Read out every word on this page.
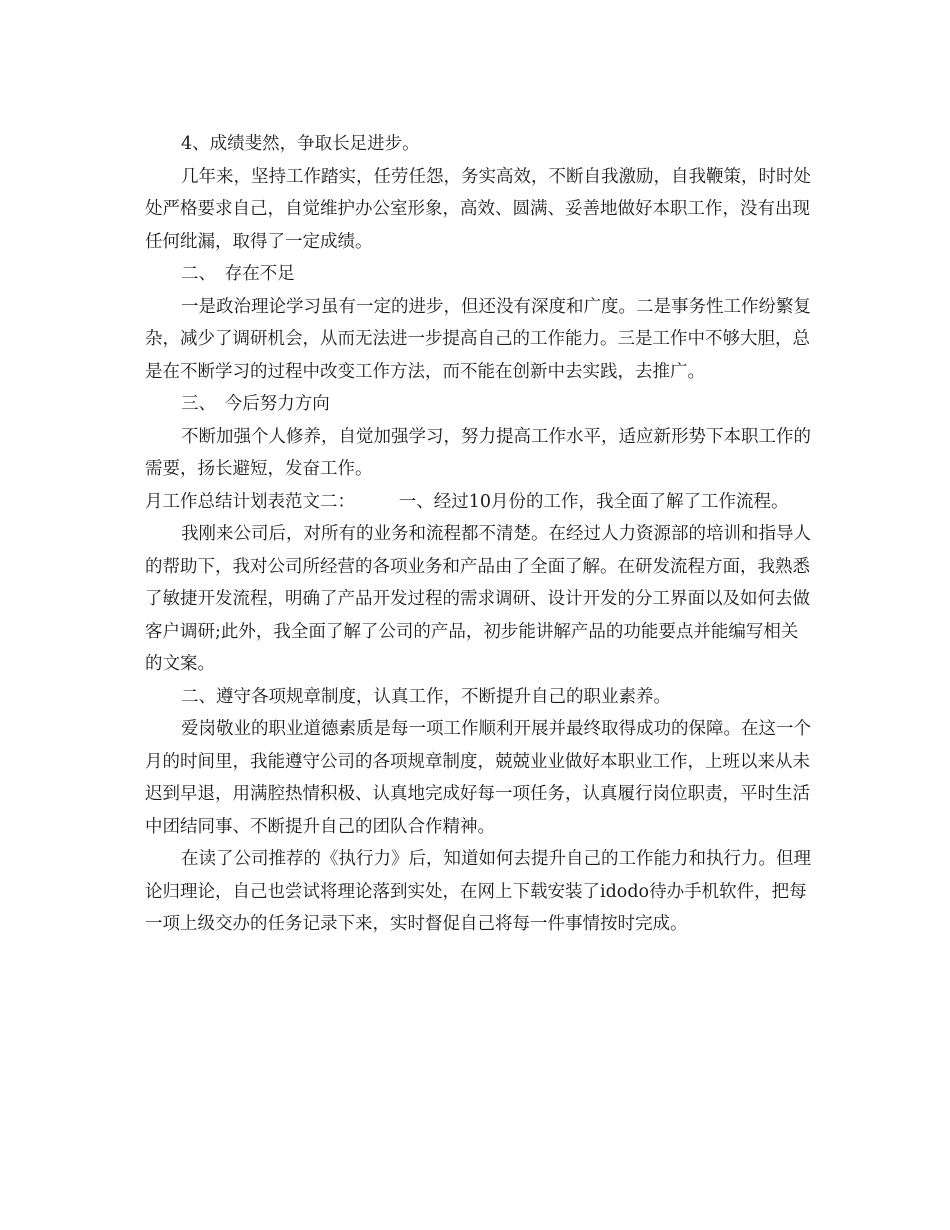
4、成绩斐然，争取长足进步。

几年来，坚持工作踏实，任劳任怨，务实高效，不断自我激励，自我鞭策，时时处处严格要求自己，自觉维护办公室形象，高效、圆满、妥善地做好本职工作，没有出现任何纰漏，取得了一定成绩。

二、　存在不足

一是政治理论学习虽有一定的进步，但还没有深度和广度。二是事务性工作纷繁复杂，减少了调研机会，从而无法进一步提高自己的工作能力。三是工作中不够大胆，总是在不断学习的过程中改变工作方法，而不能在创新中去实践，去推广。

三、　今后努力方向

不断加强个人修养，自觉加强学习，努力提高工作水平，适应新形势下本职工作的需要，扬长避短，发奋工作。

月工作总结计划表范文二：　　　一、经过10月份的工作，我全面了解了工作流程。

我刚来公司后，对所有的业务和流程都不清楚。在经过人力资源部的培训和指导人的帮助下，我对公司所经营的各项业务和产品由了全面了解。在研发流程方面，我熟悉了敏捷开发流程，明确了产品开发过程的需求调研、设计开发的分工界面以及如何去做客户调研;此外，我全面了解了公司的产品，初步能讲解产品的功能要点并能编写相关的文案。

二、遵守各项规章制度，认真工作，不断提升自己的职业素养。

爱岗敬业的职业道德素质是每一项工作顺利开展并最终取得成功的保障。在这一个月的时间里，我能遵守公司的各项规章制度，兢兢业业做好本职业工作，上班以来从未迟到早退，用满腔热情积极、认真地完成好每一项任务，认真履行岗位职责，平时生活中团结同事、不断提升自己的团队合作精神。

在读了公司推荐的《执行力》后，知道如何去提升自己的工作能力和执行力。但理论归理论，自己也尝试将理论落到实处，在网上下载安装了idodo待办手机软件，把每一项上级交办的任务记录下来，实时督促自己将每一件事情按时完成。
